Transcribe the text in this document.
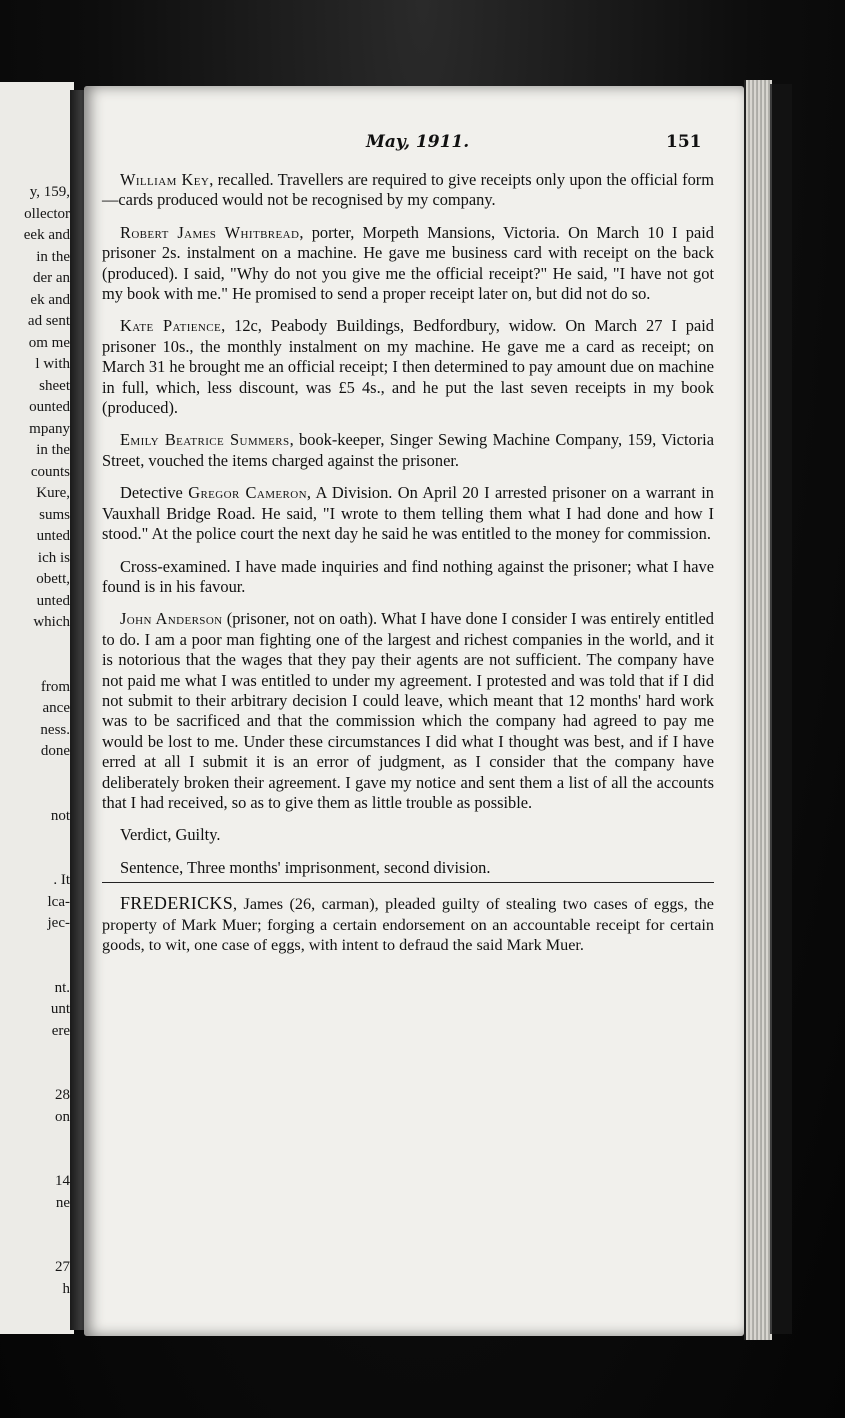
y, 159,
ollector
eek and
in the
der an
ek and
ad sent
om me
l with
sheet
ounted
mpany
in the
counts
Kure,
sums
unted
ich is
obett,
unted
which

from
ance
ness.
done

not

. It
lca-
jec-

nt.
unt
ere

28
on

14
ne

27
h
May, 1911.	151

William Key, recalled. Travellers are required to give receipts only upon the official form—cards produced would not be recognised by my company.

Robert James Whitbread, porter, Morpeth Mansions, Victoria. On March 10 I paid prisoner 2s. instalment on a machine. He gave me business card with receipt on the back (produced). I said, "Why do not you give me the official receipt?" He said, "I have not got my book with me." He promised to send a proper receipt later on, but did not do so.

Kate Patience, 12c, Peabody Buildings, Bedfordbury, widow. On March 27 I paid prisoner 10s., the monthly instalment on my machine. He gave me a card as receipt; on March 31 he brought me an official receipt; I then determined to pay amount due on machine in full, which, less discount, was £5 4s., and he put the last seven receipts in my book (produced).

Emily Beatrice Summers, book-keeper, Singer Sewing Machine Company, 159, Victoria Street, vouched the items charged against the prisoner.

Detective Gregor Cameron, A Division. On April 20 I arrested prisoner on a warrant in Vauxhall Bridge Road. He said, "I wrote to them telling them what I had done and how I stood." At the police court the next day he said he was entitled to the money for commission.

Cross-examined. I have made inquiries and find nothing against the prisoner; what I have found is in his favour.

John Anderson (prisoner, not on oath). What I have done I consider I was entirely entitled to do. I am a poor man fighting one of the largest and richest companies in the world, and it is notorious that the wages that they pay their agents are not sufficient. The company have not paid me what I was entitled to under my agreement. I protested and was told that if I did not submit to their arbitrary decision I could leave, which meant that 12 months' hard work was to be sacrificed and that the commission which the company had agreed to pay me would be lost to me. Under these circumstances I did what I thought was best, and if I have erred at all I submit it is an error of judgment, as I consider that the company have deliberately broken their agreement. I gave my notice and sent them a list of all the accounts that I had received, so as to give them as little trouble as possible.

Verdict, Guilty.

Sentence, Three months' imprisonment, second division.

FREDERICKS, James (26, carman), pleaded guilty of stealing two cases of eggs, the property of Mark Muer; forging a certain endorsement on an accountable receipt for certain goods, to wit, one case of eggs, with intent to defraud the said Mark Muer.
